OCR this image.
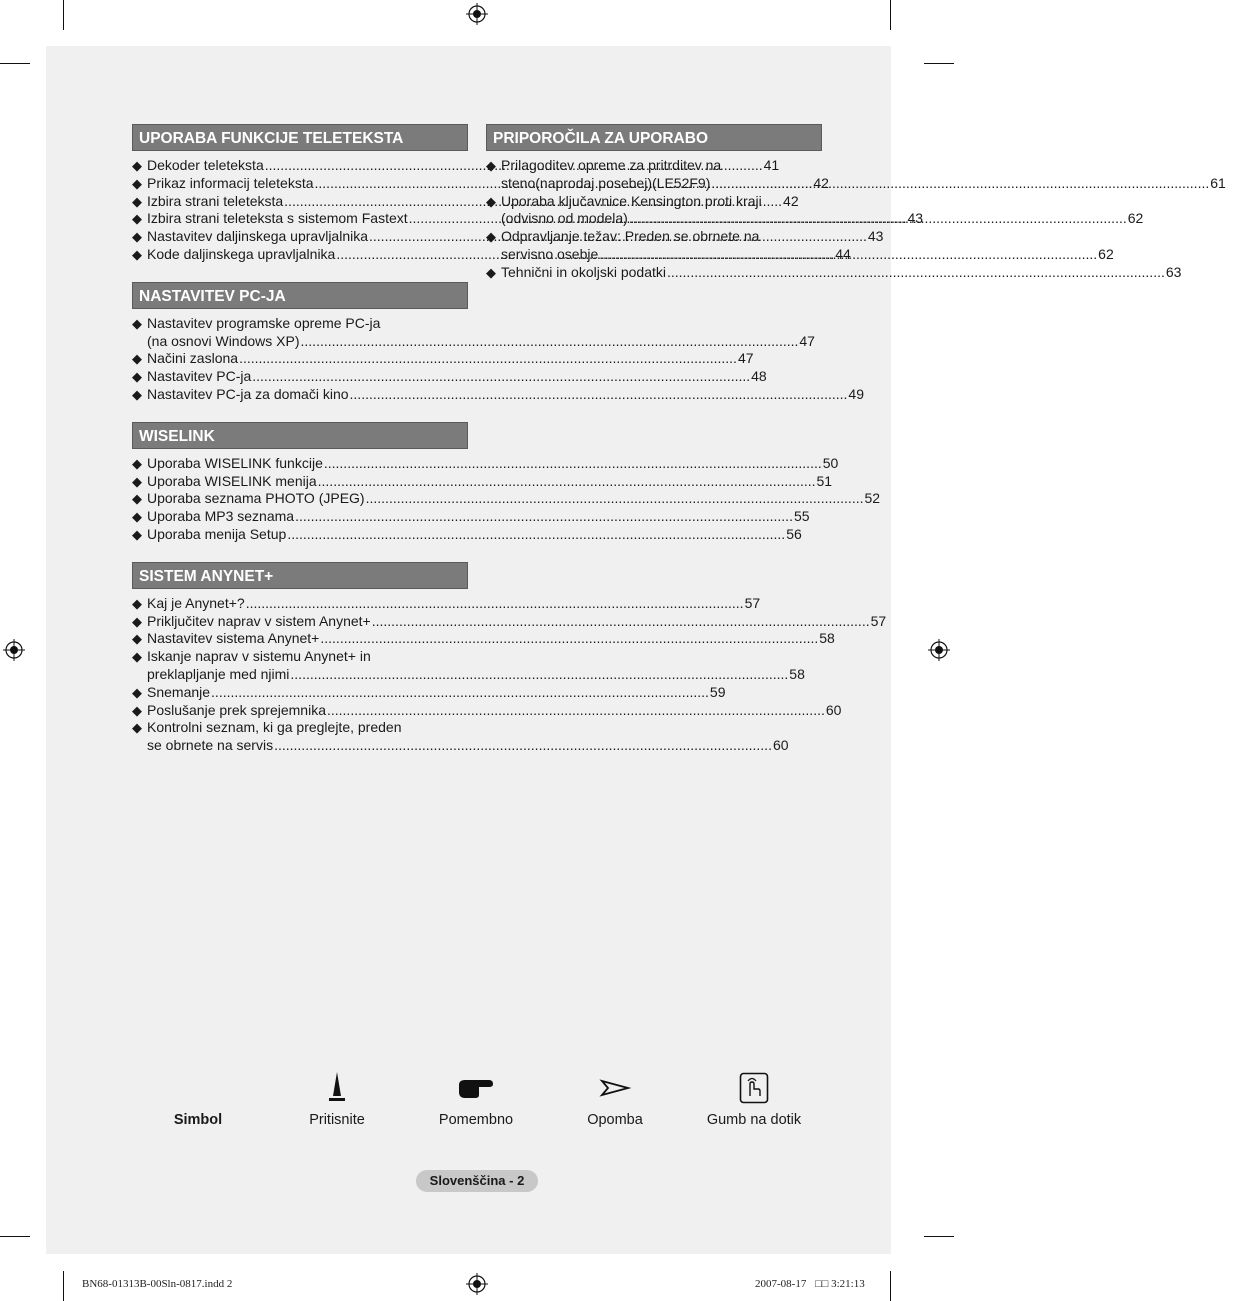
UPORABA FUNKCIJE TELETEKSTA
◆ Dekoder teleteksta .....	41
◆ Prikaz informacij teleteksta .....	42
◆ Izbira strani teleteksta .....	42
◆ Izbira strani teleteksta s sistemom Fastext .....	43
◆ Nastavitev daljinskega upravljalnika .....	43
◆ Kode daljinskega upravljalnika .....	44
NASTAVITEV PC-JA
◆ Nastavitev programske opreme PC-ja
(na osnovi Windows XP) .....	47
◆ Načini zaslona .....	47
◆ Nastavitev PC-ja .....	48
◆ Nastavitev PC-ja za domači kino .....	49
WISELINK
◆ Uporaba WISELINK funkcije .....	50
◆ Uporaba WISELINK menija .....	51
◆ Uporaba seznama PHOTO (JPEG) .....	52
◆ Uporaba MP3 seznama .....	55
◆ Uporaba menija Setup .....	56
SISTEM ANYNET+
◆ Kaj je Anynet+? .....	57
◆ Priključitev naprav v sistem Anynet+ .....	57
◆ Nastavitev sistema Anynet+ .....	58
◆ Iskanje naprav v sistemu Anynet+ in
preklapljanje med njimi .....	58
◆ Snemanje .....	59
◆ Poslušanje prek sprejemnika .....	60
◆ Kontrolni seznam, ki ga preglejte, preden
se obrnete na servis .....	60
PRIPOROČILA ZA UPORABO
◆ Prilagoditev opreme za pritrditev na
steno(naprodaj posebej)(LE52F9) .....	61
◆ Uporaba ključavnice Kensington proti kraji
(odvisno od modela) .....	62
◆ Odpravljanje težav: Preden se obrnete na
servisno osebje .....	62
◆ Tehnični in okoljski podatki .....	63
Simbol	Pritisnite	Pomembno	Opomba	Gumb na dotik
Slovenščina - 2
BN68-01313B-00Sln-0817.indd 2	2007-08-17 □□ 3:21:13
